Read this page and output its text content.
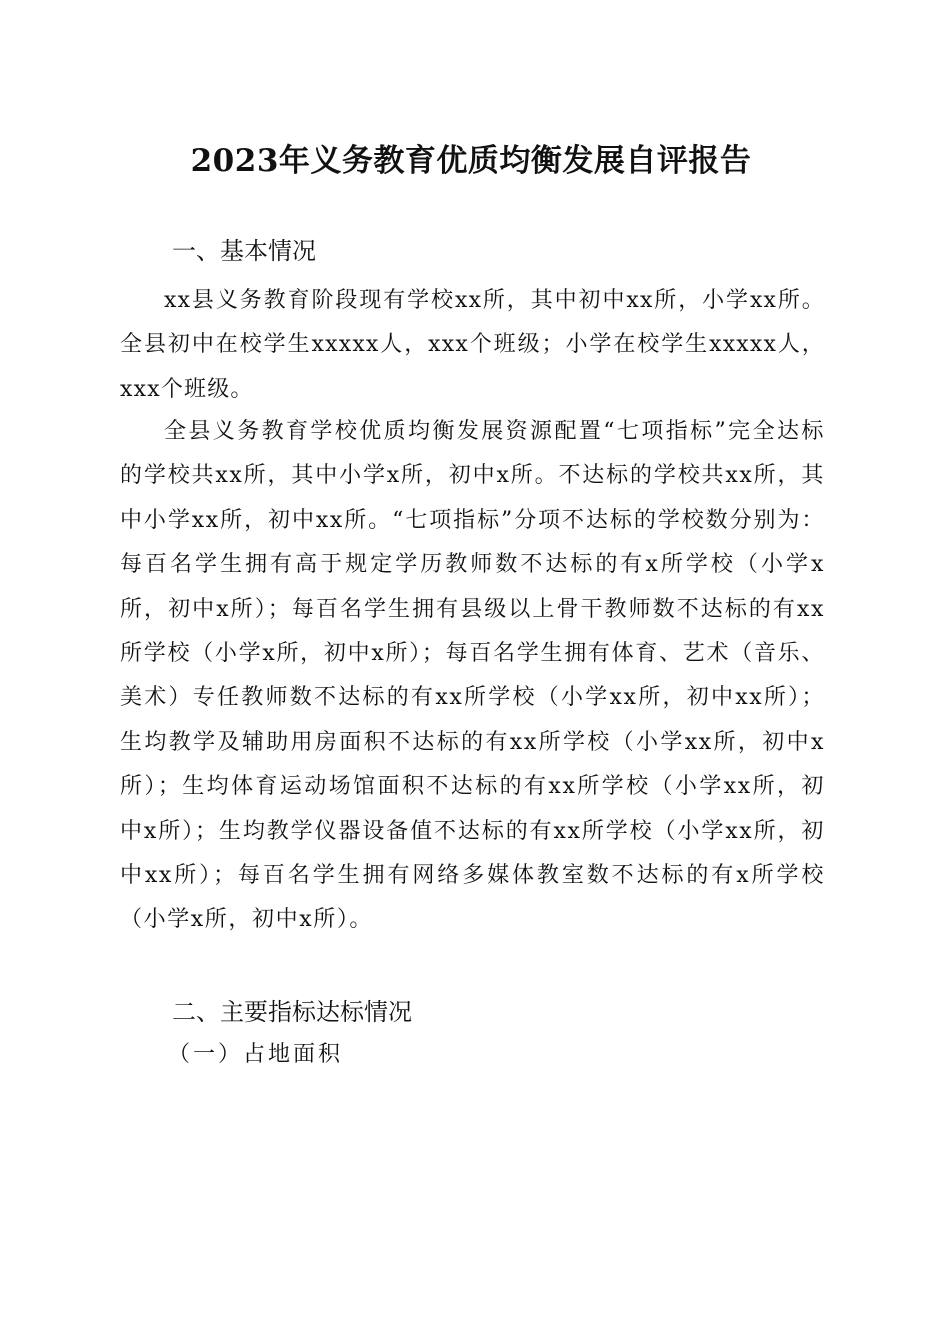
2023年义务教育优质均衡发展自评报告
一、基本情况

xx县义务教育阶段现有学校xx所，其中初中xx所，小学xx所。全县初中在校学生xxxxx人，xxx个班级；小学在校学生xxxxx人，xxx个班级。

全县义务教育学校优质均衡发展资源配置“七项指标”完全达标的学校共xx所，其中小学x所，初中x所。不达标的学校共xx所，其中小学xx所，初中xx所。“七项指标”分项不达标的学校数分别为：每百名学生拥有高于规定学历教师数不达标的有x所学校（小学x所，初中x所）；每百名学生拥有县级以上骨干教师数不达标的有xx所学校（小学x所，初中x所）；每百名学生拥有体育、艺术（音乐、美术）专任教师数不达标的有xx所学校（小学xx所，初中xx所）；生均教学及辅助用房面积不达标的有xx所学校（小学xx所，初中x所）；生均体育运动场馆面积不达标的有xx所学校（小学xx所，初中x所）；生均教学仪器设备值不达标的有xx所学校（小学xx所，初中xx所）；每百名学生拥有网络多媒体教室数不达标的有x所学校（小学x所，初中x所）。

二、主要指标达标情况
（一）占地面积
